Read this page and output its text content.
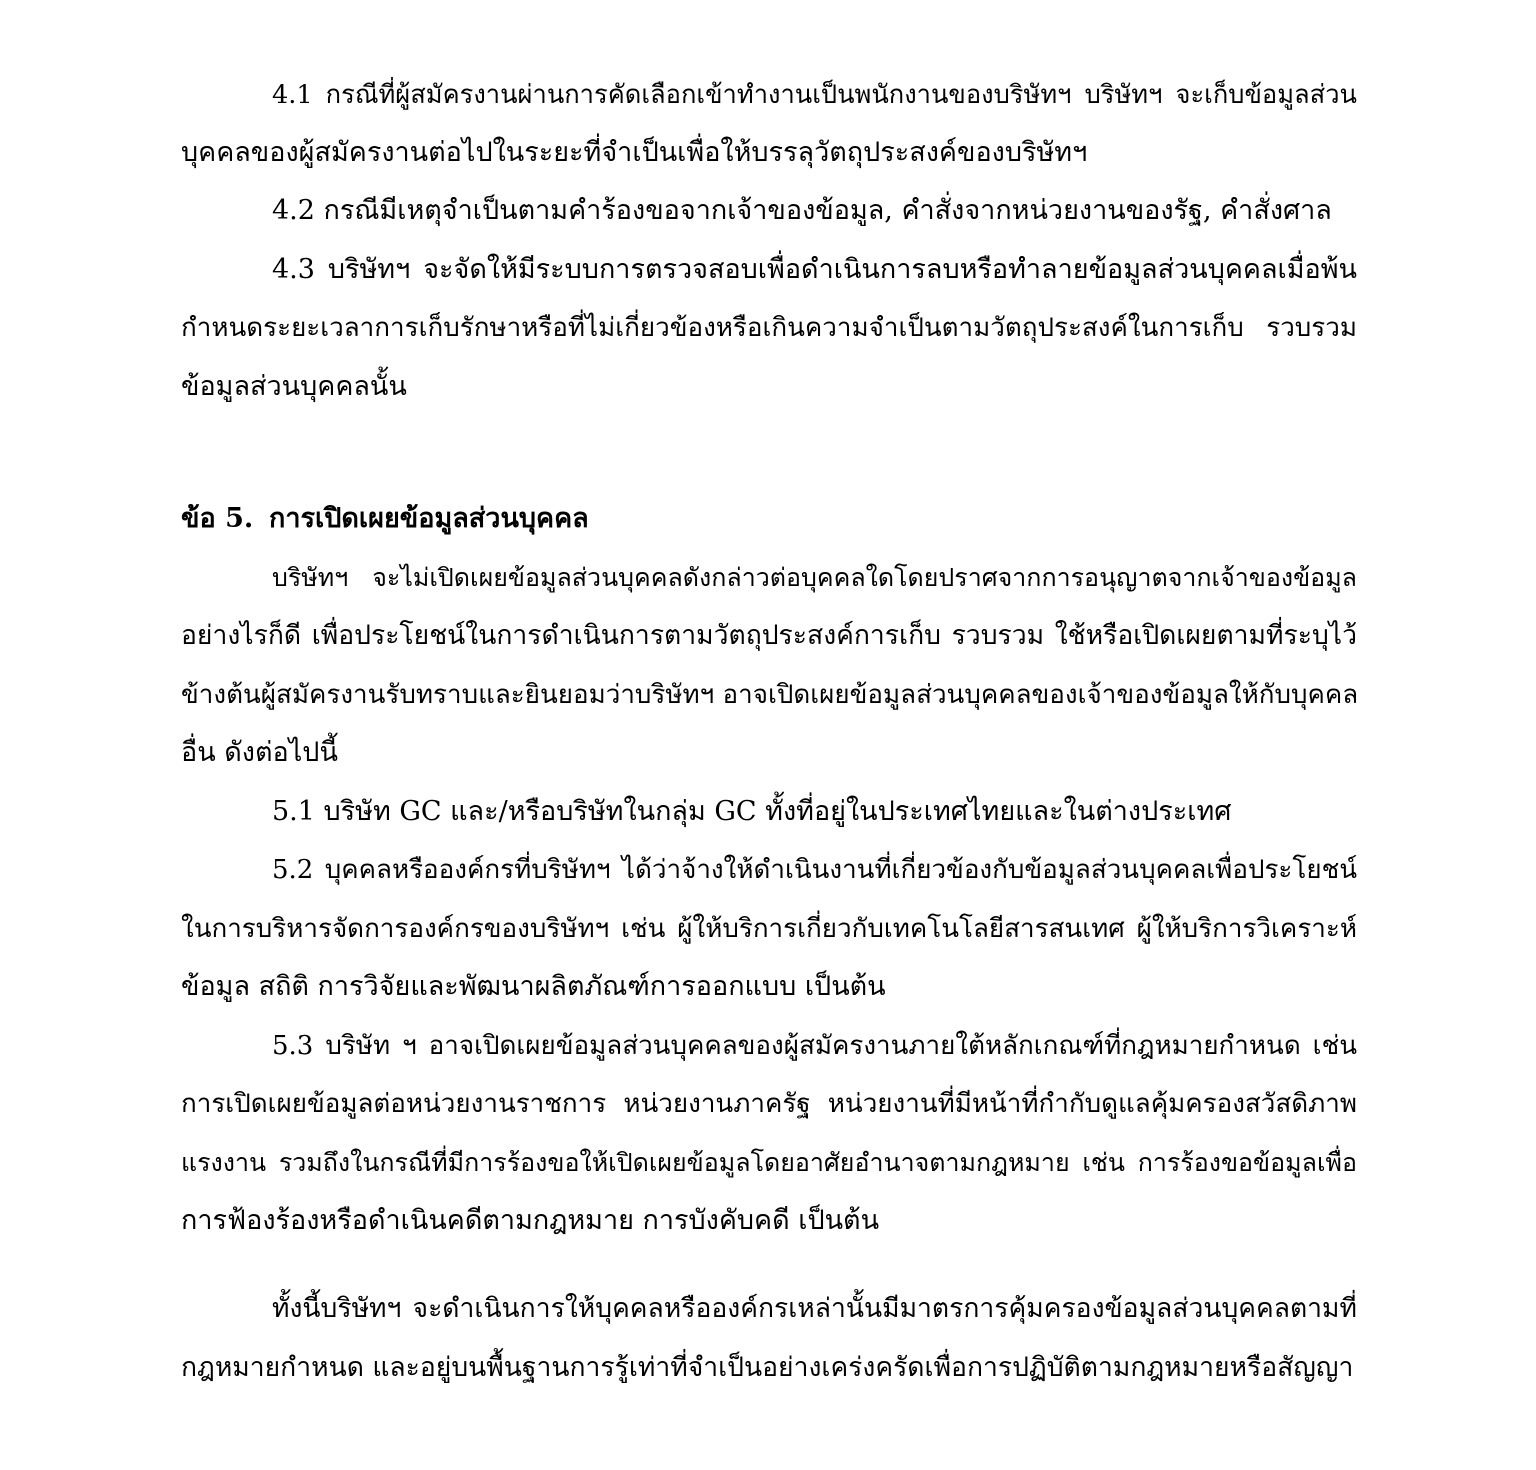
4.1 กรณีที่ผู้สมัครงานผ่านการคัดเลือกเข้าทำงานเป็นพนักงานของบริษัทฯ บริษัทฯ จะเก็บข้อมูลส่วน
บุคคลของผู้สมัครงานต่อไปในระยะที่จำเป็นเพื่อให้บรรลุวัตถุประสงค์ของบริษัทฯ
4.2 กรณีมีเหตุจำเป็นตามคำร้องขอจากเจ้าของข้อมูล, คำสั่งจากหน่วยงานของรัฐ, คำสั่งศาล
4.3 บริษัทฯ จะจัดให้มีระบบการตรวจสอบเพื่อดำเนินการลบหรือทำลายข้อมูลส่วนบุคคลเมื่อพ้น
กำหนดระยะเวลาการเก็บรักษาหรือที่ไม่เกี่ยวข้องหรือเกินความจำเป็นตามวัตถุประสงค์ในการเก็บ รวบรวม
ข้อมูลส่วนบุคคลนั้น
ข้อ 5. การเปิดเผยข้อมูลส่วนบุคคล
บริษัทฯ จะไม่เปิดเผยข้อมูลส่วนบุคคลดังกล่าวต่อบุคคลใดโดยปราศจากการอนุญาตจากเจ้าของข้อมูล
อย่างไรก็ดี เพื่อประโยชน์ในการดำเนินการตามวัตถุประสงค์การเก็บ รวบรวม ใช้หรือเปิดเผยตามที่ระบุไว้
ข้างต้นผู้สมัครงานรับทราบและยินยอมว่าบริษัทฯ อาจเปิดเผยข้อมูลส่วนบุคคลของเจ้าของข้อมูลให้กับบุคคล
อื่น ดังต่อไปนี้
5.1 บริษัท GC และ/หรือบริษัทในกลุ่ม GC ทั้งที่อยู่ในประเทศไทยและในต่างประเทศ
5.2 บุคคลหรือองค์กรที่บริษัทฯ ได้ว่าจ้างให้ดำเนินงานที่เกี่ยวข้องกับข้อมูลส่วนบุคคลเพื่อประโยชน์
ในการบริหารจัดการองค์กรของบริษัทฯ เช่น ผู้ให้บริการเกี่ยวกับเทคโนโลยีสารสนเทศ ผู้ให้บริการวิเคราะห์
ข้อมูล สถิติ การวิจัยและพัฒนาผลิตภัณฑ์การออกแบบ เป็นต้น
5.3 บริษัท ฯ อาจเปิดเผยข้อมูลส่วนบุคคลของผู้สมัครงานภายใต้หลักเกณฑ์ที่กฎหมายกำหนด เช่น
การเปิดเผยข้อมูลต่อหน่วยงานราชการ หน่วยงานภาครัฐ หน่วยงานที่มีหน้าที่กำกับดูแลคุ้มครองสวัสดิภาพ
แรงงาน รวมถึงในกรณีที่มีการร้องขอให้เปิดเผยข้อมูลโดยอาศัยอำนาจตามกฎหมาย เช่น การร้องขอข้อมูลเพื่อ
การฟ้องร้องหรือดำเนินคดีตามกฎหมาย การบังคับคดี เป็นต้น
ทั้งนี้บริษัทฯ จะดำเนินการให้บุคคลหรือองค์กรเหล่านั้นมีมาตรการคุ้มครองข้อมูลส่วนบุคคลตามที่
กฎหมายกำหนด และอยู่บนพื้นฐานการรู้เท่าที่จำเป็นอย่างเคร่งครัดเพื่อการปฏิบัติตามกฎหมายหรือสัญญา
